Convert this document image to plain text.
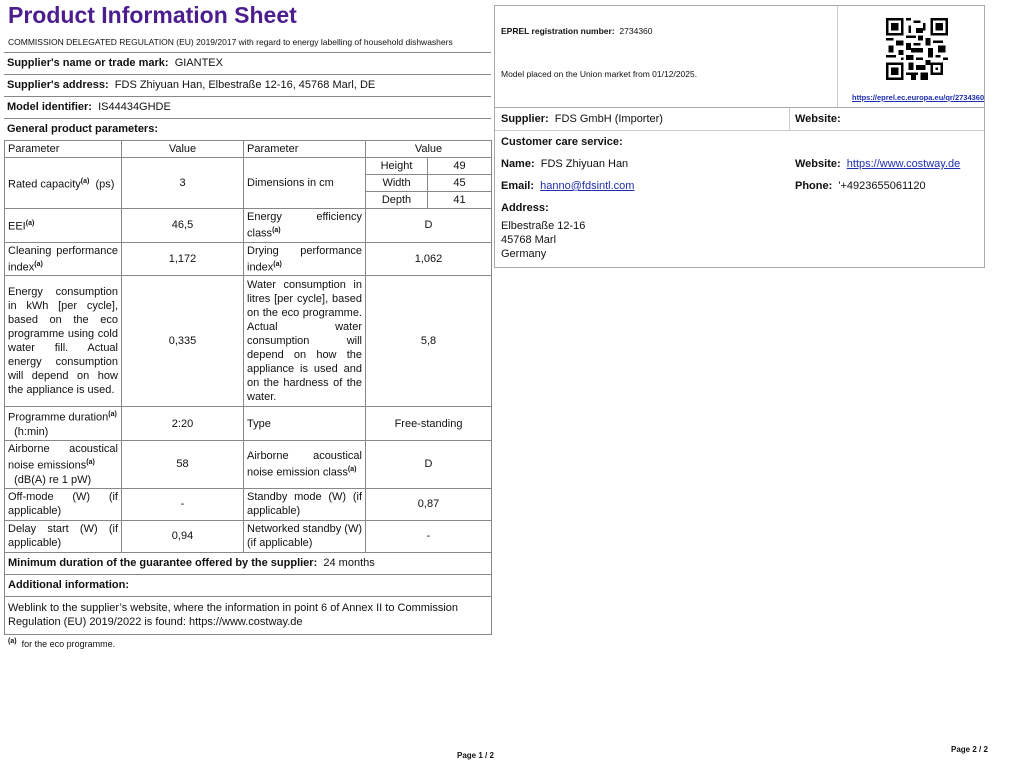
Product Information Sheet
COMMISSION DELEGATED REGULATION (EU) 2019/2017 with regard to energy labelling of household dishwashers
Supplier's name or trade mark: GIANTEX
Supplier's address: FDS Zhiyuan Han, Elbestraße 12-16, 45768 Marl, DE
Model identifier: IS44434GHDE
General product parameters:
Parameter	Value	Parameter	Value	
Rated capacity$^{(a)}$ (ps)	3	Dimensions in cm	Height	49
			Width	45
			Depth	41
EEI$^{(a)}$	46,5	Energy efficiency class$^{(a)}$	D	
Cleaning performance index$^{(a)}$	1,172	Drying performance index$^{(a)}$	1,062	
Energy consumption in kWh [per cycle], based on the eco programme using cold water fill. Actual energy consumption will depend on how the appliance is used.	0,335	Water consumption in litres [per cycle], based on the eco programme. Actual water consumption will depend on how the appliance is used and on the hardness of the water.	5,8	
Programme duration$^{(a)}$
(h:min)	2:20	Type	Free-standing	
Airborne acoustical noise emissions$^{(a)}$
(dB(A) re 1 pW)	58	Airborne acoustical noise emission class$^{(a)}$	D	
Off-mode (W) (if applicable)	-	Standby mode (W) (if applicable)	0,87	
Delay start (W) (if applicable)	0,94	Networked standby (W) (if applicable)	-	
Minimum duration of the guarantee offered by the supplier: 24 months				
Additional information:				
Weblink to the supplier’s website, where the information in point 6 of Annex II to Commission Regulation (EU) 2019/2022 is found: https://www.costway.de				
$^{(a)}$ for the eco programme.
Page 1 / 2
EPREL registration number: 2734360
Model placed on the Union market from 01/12/2025.
https://eprel.ec.europa.eu/qr/2734360
Supplier: FDS GmbH (Importer)	Website:
Customer care service:
Name: FDS Zhiyuan Han	Website: https://www.costway.de
Email: hanno@fdsintl.com	Phone: '+4923655061120
Address:
Elbestraße 12-16
45768 Marl
Germany
Page 2 / 2
